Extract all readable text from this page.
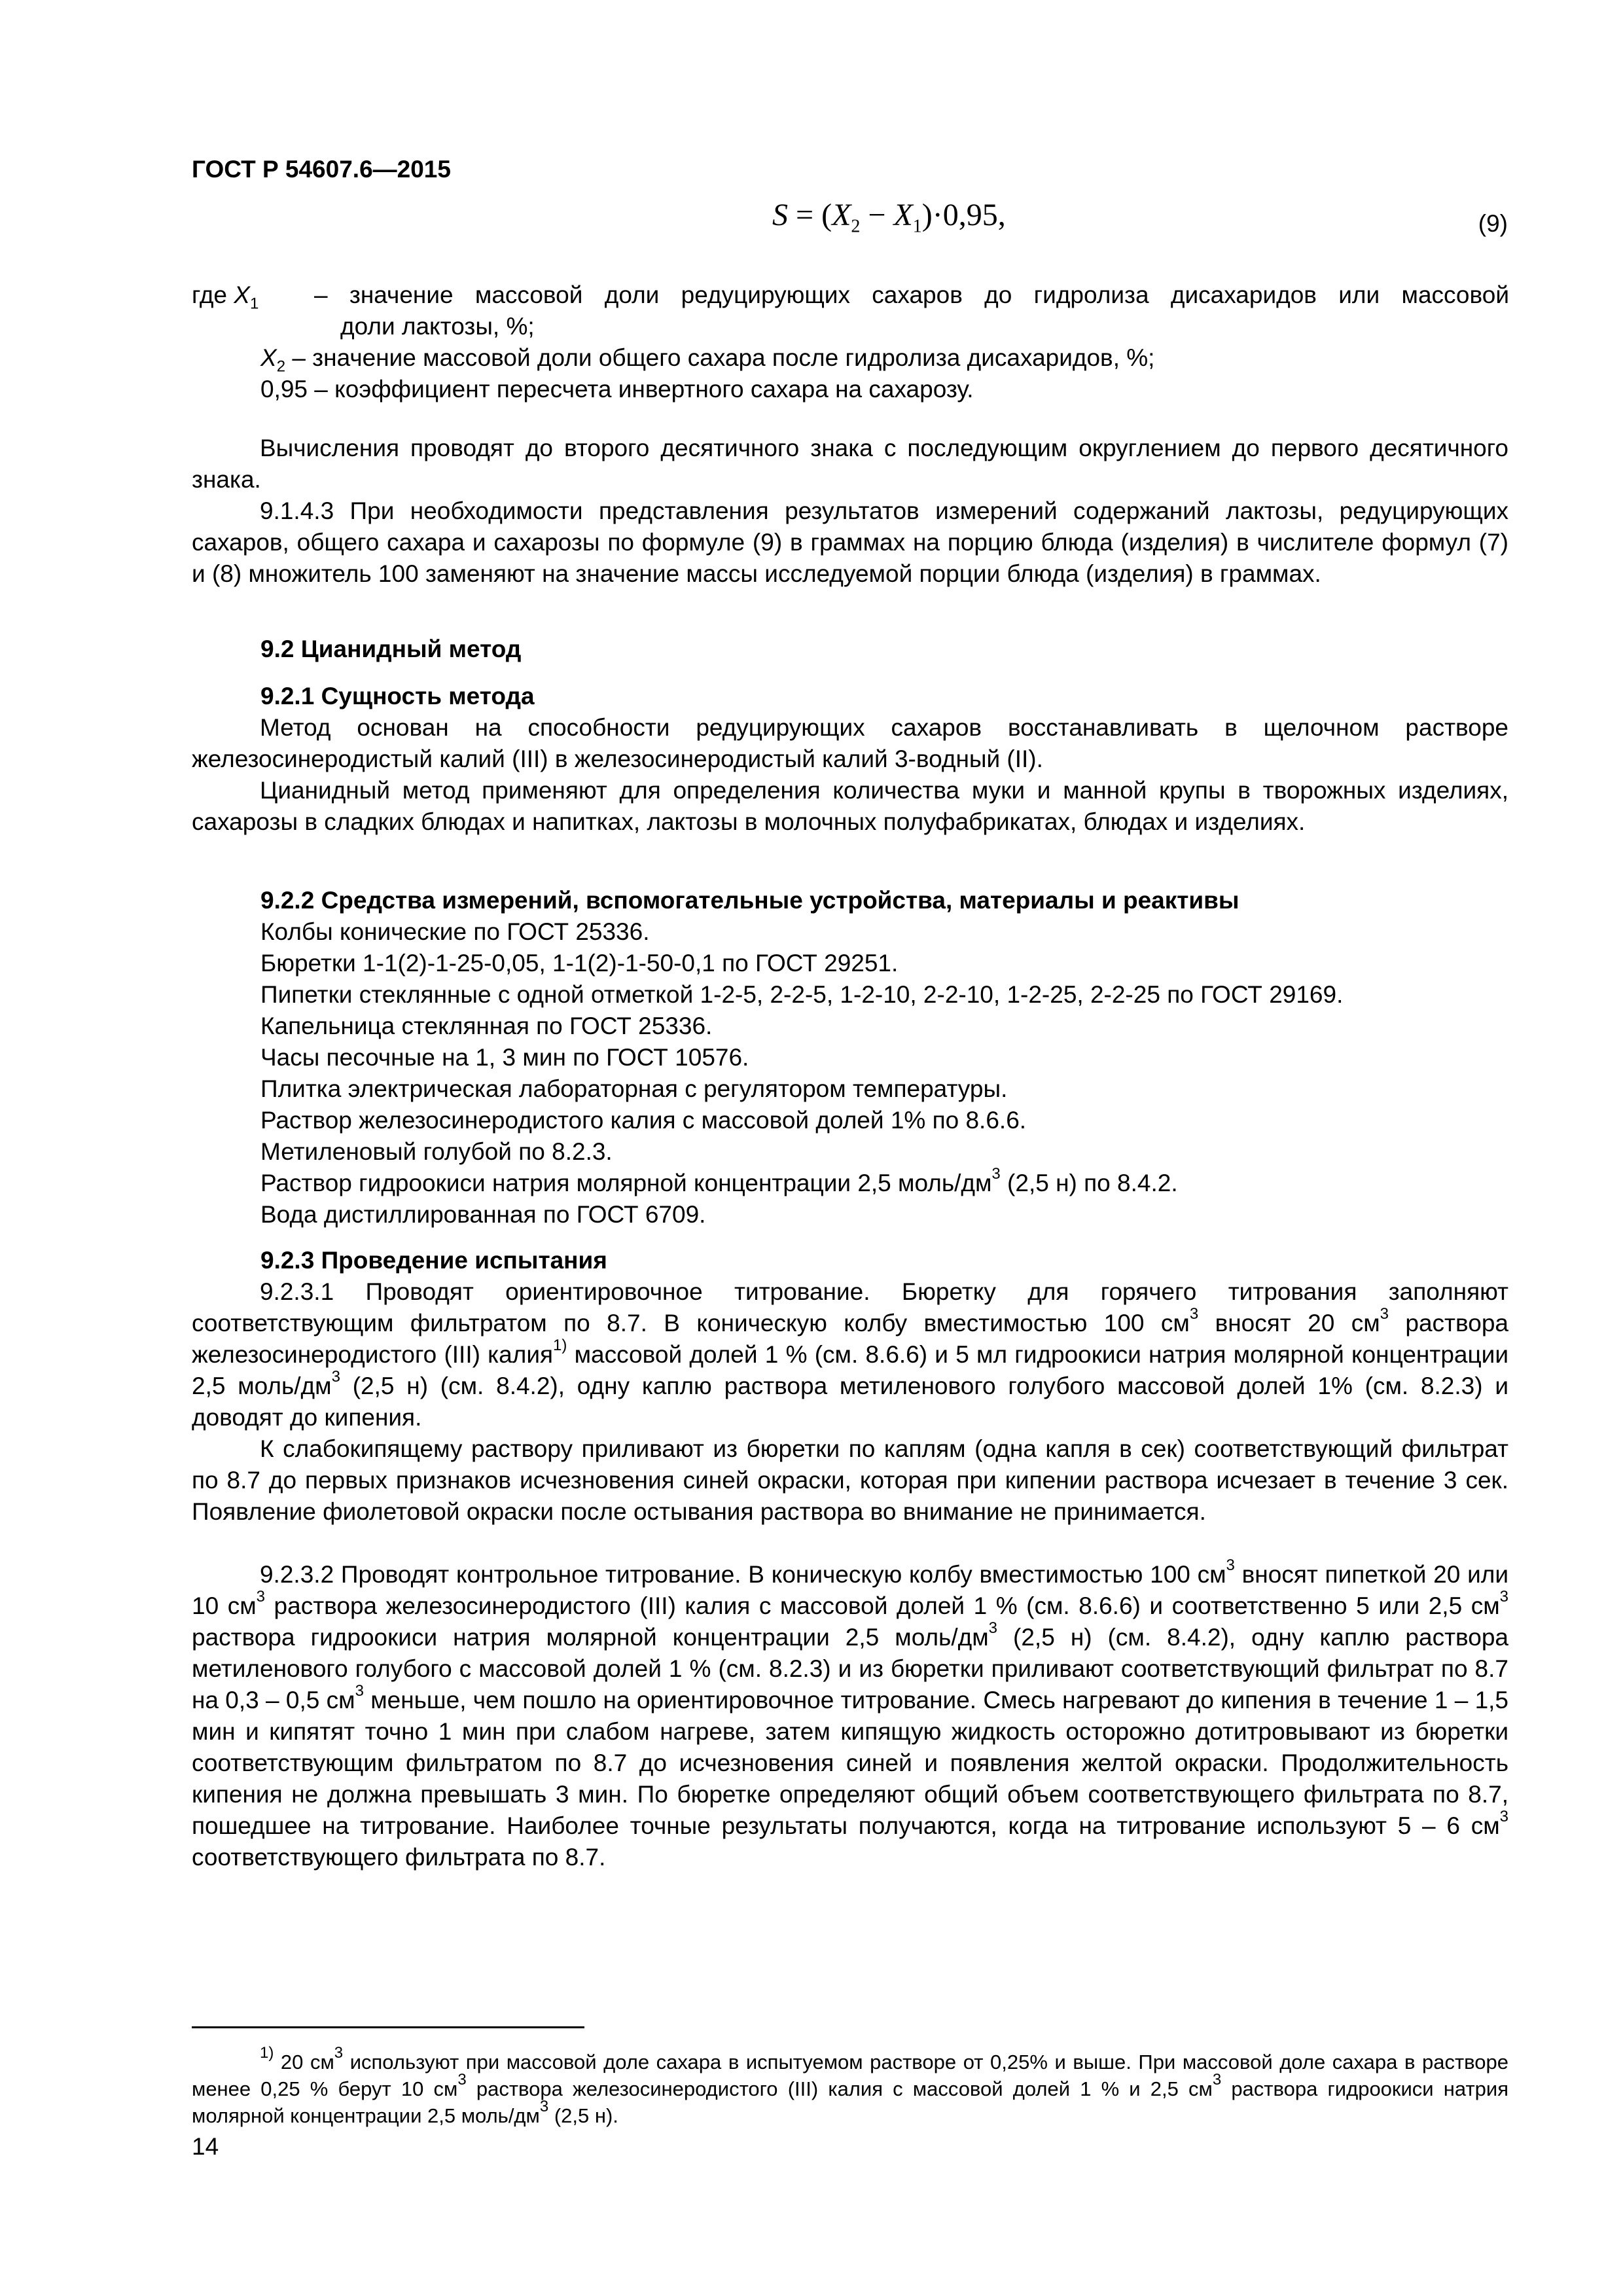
ГОСТ Р 54607.6—2015
$S = (X_2 - X_1)\cdot 0,95$,	(9)
где $X_1$ – значение массовой доли редуцирующих сахаров до гидролиза дисахаридов или массовой
доли лактозы, %;
$X_2$ – значение массовой доли общего сахара после гидролиза дисахаридов, %;
0,95 – коэффициент пересчета инвертного сахара на сахарозу.
Вычисления проводят до второго десятичного знака с последующим округлением до первого десятичного знака.
9.1.4.3 При необходимости представления результатов измерений содержаний лактозы, редуцирующих сахаров, общего сахара и сахарозы по формуле (9) в граммах на порцию блюда (изделия) в числителе формул (7) и (8) множитель 100 заменяют на значение массы исследуемой порции блюда (изделия) в граммах.
9.2 Цианидный метод
9.2.1 Сущность метода
Метод основан на способности редуцирующих сахаров восстанавливать в щелочном растворе железосинеродистый калий (III) в железосинеродистый калий 3-водный (II).
Цианидный метод применяют для определения количества муки и манной крупы в творожных изделиях, сахарозы в сладких блюдах и напитках, лактозы в молочных полуфабрикатах, блюдах и изделиях.
9.2.2 Средства измерений, вспомогательные устройства, материалы и реактивы
Колбы конические по ГОСТ 25336.
Бюретки 1-1(2)-1-25-0,05, 1-1(2)-1-50-0,1 по ГОСТ 29251.
Пипетки стеклянные с одной отметкой 1-2-5, 2-2-5, 1-2-10, 2-2-10, 1-2-25, 2-2-25 по ГОСТ 29169.
Капельница стеклянная по ГОСТ 25336.
Часы песочные на 1, 3 мин по ГОСТ 10576.
Плитка электрическая лабораторная с регулятором температуры.
Раствор железосинеродистого калия с массовой долей 1% по 8.6.6.
Метиленовый голубой по 8.2.3.
Раствор гидроокиси натрия молярной концентрации 2,5 моль/$дм^3$ (2,5 н) по 8.4.2.
Вода дистиллированная по ГОСТ 6709.
9.2.3 Проведение испытания
9.2.3.1 Проводят ориентировочное титрование. Бюретку для горячего титрования заполняют соответствующим фильтратом по 8.7. В коническую колбу вместимостью 100 $см^3$ вносят 20 $см^3$ раствора железосинеродистого (III) калия$^{1)}$ массовой долей 1 % (см. 8.6.6) и 5 мл гидроокиси натрия молярной концентрации 2,5 моль/$дм^3$ (2,5 н) (см. 8.4.2), одну каплю раствора метиленового голубого массовой долей 1% (см. 8.2.3) и доводят до кипения.
К слабокипящему раствору приливают из бюретки по каплям (одна капля в сек) соответствующий фильтрат по 8.7 до первых признаков исчезновения синей окраски, которая при кипении раствора исчезает в течение 3 сек. Появление фиолетовой окраски после остывания раствора во внимание не принимается.
9.2.3.2 Проводят контрольное титрование. В коническую колбу вместимостью 100 $см^3$ вносят пипеткой 20 или 10 $см^3$ раствора железосинеродистого (III) калия с массовой долей 1 % (см. 8.6.6) и соответственно 5 или 2,5 $см^3$ раствора гидроокиси натрия молярной концентрации 2,5 моль/$дм^3$ (2,5 н) (см. 8.4.2), одну каплю раствора метиленового голубого с массовой долей 1 % (см. 8.2.3) и из бюретки приливают соответствующий фильтрат по 8.7 на 0,3 – 0,5 $см^3$ меньше, чем пошло на ориентировочное титрование. Смесь нагревают до кипения в течение 1 – 1,5 мин и кипятят точно 1 мин при слабом нагреве, затем кипящую жидкость осторожно дотитровывают из бюретки соответствующим фильтратом по 8.7 до исчезновения синей и появления желтой окраски. Продолжительность кипения не должна превышать 3 мин. По бюретке определяют общий объем соответствующего фильтрата по 8.7, пошедшее на титрование. Наиболее точные результаты получаются, когда на титрование используют 5 – 6 $см^3$ соответствующего фильтрата по 8.7.
$^{1)}$ 20 $см^3$ используют при массовой доле сахара в испытуемом растворе от 0,25% и выше. При массовой доле сахара в растворе менее 0,25 % берут 10 $см^3$ раствора железосинеродистого (III) калия с массовой долей 1 % и 2,5 $см^3$ раствора гидроокиси натрия молярной концентрации 2,5 моль/$дм^3$ (2,5 н).
14
